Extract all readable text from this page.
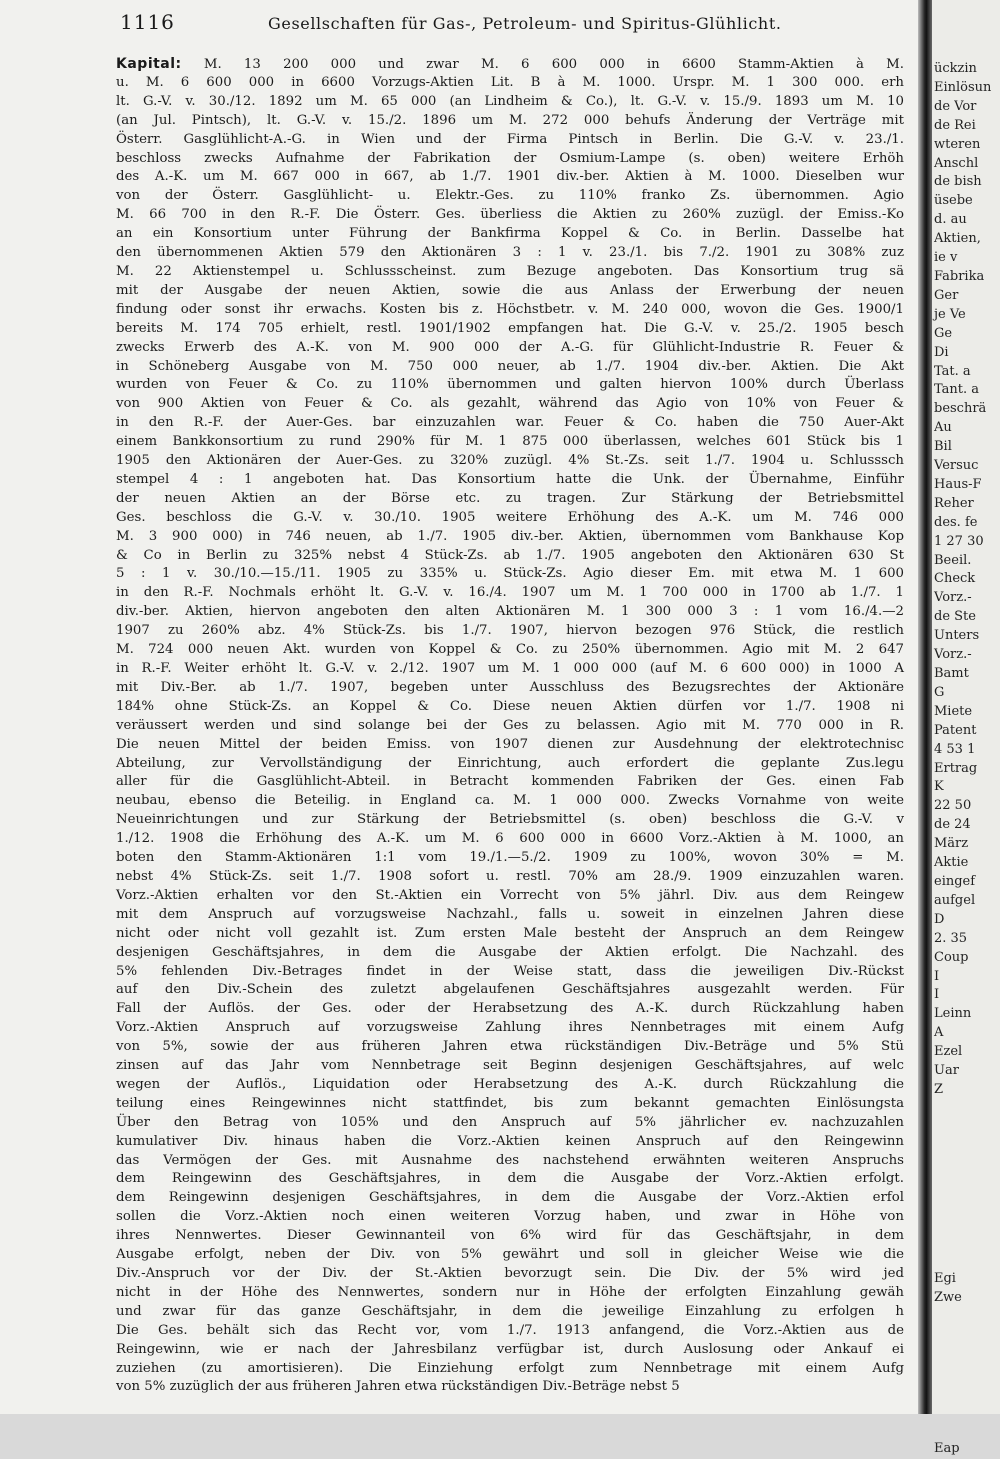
1116	Gesellschaften für Gas-, Petroleum- und Spiritus-Glühlicht.
Kapital: M. 13 200 000 und zwar M. 6 600 000 in 6600 Stamm-Aktien à M.
u. M. 6 600 000 in 6600 Vorzugs-Aktien Lit. B à M. 1000. Urspr. M. 1 300 000. erh
lt. G.-V. v. 30./12. 1892 um M. 65 000 (an Lindheim & Co.), lt. G.-V. v. 15./9. 1893 um M. 10
(an Jul. Pintsch), lt. G.-V. v. 15./2. 1896 um M. 272 000 behufs Änderung der Verträge mit
Österr. Gasglühlicht-A.-G. in Wien und der Firma Pintsch in Berlin. Die G.-V. v. 23./1.
beschloss zwecks Aufnahme der Fabrikation der Osmium-Lampe (s. oben) weitere Erhöh
des A.-K. um M. 667 000 in 667, ab 1./7. 1901 div.-ber. Aktien à M. 1000. Dieselben wur
von der Österr. Gasglühlicht- u. Elektr.-Ges. zu 110% franko Zs. übernommen. Agio
M. 66 700 in den R.-F. Die Österr. Ges. überliess die Aktien zu 260% zuzügl. der Emiss.-Ko
an ein Konsortium unter Führung der Bankfirma Koppel & Co. in Berlin. Dasselbe hat
den übernommenen Aktien 579 den Aktionären 3 : 1 v. 23./1. bis 7./2. 1901 zu 308% zuz
M. 22 Aktienstempel u. Schlussscheinst. zum Bezuge angeboten. Das Konsortium trug sä
mit der Ausgabe der neuen Aktien, sowie die aus Anlass der Erwerbung der neuen
findung oder sonst ihr erwachs. Kosten bis z. Höchstbetr. v. M. 240 000, wovon die Ges. 1900/1
bereits M. 174 705 erhielt, restl. 1901/1902 empfangen hat. Die G.-V. v. 25./2. 1905 besch
zwecks Erwerb des A.-K. von M. 900 000 der A.-G. für Glühlicht-Industrie R. Feuer &
in Schöneberg Ausgabe von M. 750 000 neuer, ab 1./7. 1904 div.-ber. Aktien. Die Akt
wurden von Feuer & Co. zu 110% übernommen und galten hiervon 100% durch Überlass
von 900 Aktien von Feuer & Co. als gezahlt, während das Agio von 10% von Feuer &
in den R.-F. der Auer-Ges. bar einzuzahlen war. Feuer & Co. haben die 750 Auer-Akt
einem Bankkonsortium zu rund 290% für M. 1 875 000 überlassen, welches 601 Stück bis 1
1905 den Aktionären der Auer-Ges. zu 320% zuzügl. 4% St.-Zs. seit 1./7. 1904 u. Schlusssch
stempel 4 : 1 angeboten hat. Das Konsortium hatte die Unk. der Übernahme, Einführ
der neuen Aktien an der Börse etc. zu tragen. Zur Stärkung der Betriebsmittel
Ges. beschloss die G.-V. v. 30./10. 1905 weitere Erhöhung des A.-K. um M. 746 000
M. 3 900 000) in 746 neuen, ab 1./7. 1905 div.-ber. Aktien, übernommen vom Bankhause Kop
& Co in Berlin zu 325% nebst 4 Stück-Zs. ab 1./7. 1905 angeboten den Aktionären 630 St
5 : 1 v. 30./10.—15./11. 1905 zu 335% u. Stück-Zs. Agio dieser Em. mit etwa M. 1 600
in den R.-F. Nochmals erhöht lt. G.-V. v. 16./4. 1907 um M. 1 700 000 in 1700 ab 1./7. 1
div.-ber. Aktien, hiervon angeboten den alten Aktionären M. 1 300 000 3 : 1 vom 16./4.—2
1907 zu 260% abz. 4% Stück-Zs. bis 1./7. 1907, hiervon bezogen 976 Stück, die restlich
M. 724 000 neuen Akt. wurden von Koppel & Co. zu 250% übernommen. Agio mit M. 2 647
in R.-F. Weiter erhöht lt. G.-V. v. 2./12. 1907 um M. 1 000 000 (auf M. 6 600 000) in 1000 A
mit Div.-Ber. ab 1./7. 1907, begeben unter Ausschluss des Bezugsrechtes der Aktionäre
184% ohne Stück-Zs. an Koppel & Co. Diese neuen Aktien dürfen vor 1./7. 1908 ni
veräussert werden und sind solange bei der Ges zu belassen. Agio mit M. 770 000 in R.
Die neuen Mittel der beiden Emiss. von 1907 dienen zur Ausdehnung der elektrotechnisc
Abteilung, zur Vervollständigung der Einrichtung, auch erfordert die geplante Zus.legu
aller für die Gasglühlicht-Abteil. in Betracht kommenden Fabriken der Ges. einen Fab
neubau, ebenso die Beteilig. in England ca. M. 1 000 000. Zwecks Vornahme von weite
Neueinrichtungen und zur Stärkung der Betriebsmittel (s. oben) beschloss die G.-V. v
1./12. 1908 die Erhöhung des A.-K. um M. 6 600 000 in 6600 Vorz.-Aktien à M. 1000, an
boten den Stamm-Aktionären 1:1 vom 19./1.—5./2. 1909 zu 100%, wovon 30% = M.
nebst 4% Stück-Zs. seit 1./7. 1908 sofort u. restl. 70% am 28./9. 1909 einzuzahlen waren.
Vorz.-Aktien erhalten vor den St.-Aktien ein Vorrecht von 5% jährl. Div. aus dem Reingew
mit dem Anspruch auf vorzugsweise Nachzahl., falls u. soweit in einzelnen Jahren diese
nicht oder nicht voll gezahlt ist. Zum ersten Male besteht der Anspruch an dem Reingew
desjenigen Geschäftsjahres, in dem die Ausgabe der Aktien erfolgt. Die Nachzahl. des
5% fehlenden Div.-Betrages findet in der Weise statt, dass die jeweiligen Div.-Rückst
auf den Div.-Schein des zuletzt abgelaufenen Geschäftsjahres ausgezahlt werden. Für
Fall der Auflös. der Ges. oder der Herabsetzung des A.-K. durch Rückzahlung haben
Vorz.-Aktien Anspruch auf vorzugsweise Zahlung ihres Nennbetrages mit einem Aufg
von 5%, sowie der aus früheren Jahren etwa rückständigen Div.-Beträge und 5% Stü
zinsen auf das Jahr vom Nennbetrage seit Beginn desjenigen Geschäftsjahres, auf welc
wegen der Auflös., Liquidation oder Herabsetzung des A.-K. durch Rückzahlung die
teilung eines Reingewinnes nicht stattfindet, bis zum bekannt gemachten Einlösungsta
Über den Betrag von 105% und den Anspruch auf 5% jährlicher ev. nachzuzahlen
kumulativer Div. hinaus haben die Vorz.-Aktien keinen Anspruch auf den Reingewinn
das Vermögen der Ges. mit Ausnahme des nachstehend erwähnten weiteren Anspruchs
dem Reingewinn des Geschäftsjahres, in dem die Ausgabe der Vorz.-Aktien erfolgt.
dem Reingewinn desjenigen Geschäftsjahres, in dem die Ausgabe der Vorz.-Aktien erfol
sollen die Vorz.-Aktien noch einen weiteren Vorzug haben, und zwar in Höhe von
ihres Nennwertes. Dieser Gewinnanteil von 6% wird für das Geschäftsjahr, in dem
Ausgabe erfolgt, neben der Div. von 5% gewährt und soll in gleicher Weise wie die
Div.-Anspruch vor der Div. der St.-Aktien bevorzugt sein. Die Div. der 5% wird jed
nicht in der Höhe des Nennwertes, sondern nur in Höhe der erfolgten Einzahlung gewäh
und zwar für das ganze Geschäftsjahr, in dem die jeweilige Einzahlung zu erfolgen h
Die Ges. behält sich das Recht vor, vom 1./7. 1913 anfangend, die Vorz.-Aktien aus de
Reingewinn, wie er nach der Jahresbilanz verfügbar ist, durch Auslosung oder Ankauf ei
zuziehen (zu amortisieren). Die Einziehung erfolgt zum Nennbetrage mit einem Aufg
von 5% zuzüglich der aus früheren Jahren etwa rückständigen Div.-Beträge nebst 5
ückzin
Einlösun
de Vor
de Rei
wteren
Anschl
de bish
üsebe
d. au
Aktien,
ie v
Fabrika
Ger
je Ve
Ge
Di
Tat. a
Tant. a
beschrä
Au
Bil
Versuc
Haus-F
Reher
des. fe
1 27 30
Beeil.
Check
Vorz.-
de Ste
Unters
Vorz.-
Bamt
G
Miete
Patent
4 53 1
Ertrag
K
22 50
de 24
März
Aktie
eingef
aufgel
D
2. 35
Coup
I
I
Leinn
A
Ezel
Uar
Z
Egi
Zwe
Eap
